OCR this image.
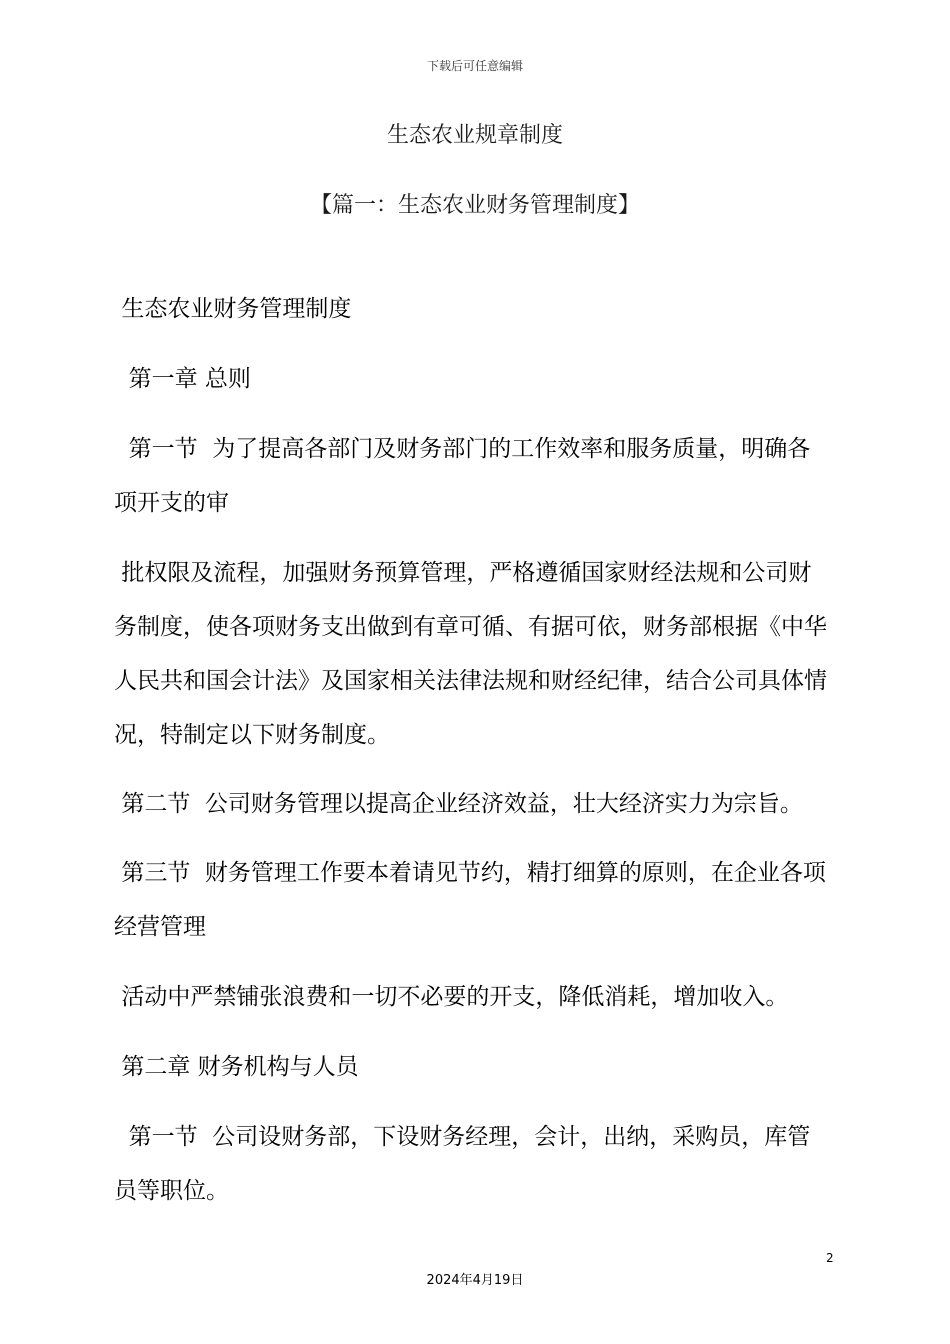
下载后可任意编辑
生态农业规章制度
【篇一：生态农业财务管理制度】
生态农业财务管理制度
第一章 总则
第一节  为了提高各部门及财务部门的工作效率和服务质量，明确各
项开支的审
批权限及流程，加强财务预算管理，严格遵循国家财经法规和公司财
务制度，使各项财务支出做到有章可循、有据可依，财务部根据《中华
人民共和国会计法》及国家相关法律法规和财经纪律，结合公司具体情
况，特制定以下财务制度。
第二节  公司财务管理以提高企业经济效益，壮大经济实力为宗旨。
第三节  财务管理工作要本着请见节约，精打细算的原则，在企业各项
经营管理
活动中严禁铺张浪费和一切不必要的开支，降低消耗，增加收入。
第二章 财务机构与人员
第一节  公司设财务部，下设财务经理，会计，出纳，采购员，库管
员等职位。
2
2024年4月19日
